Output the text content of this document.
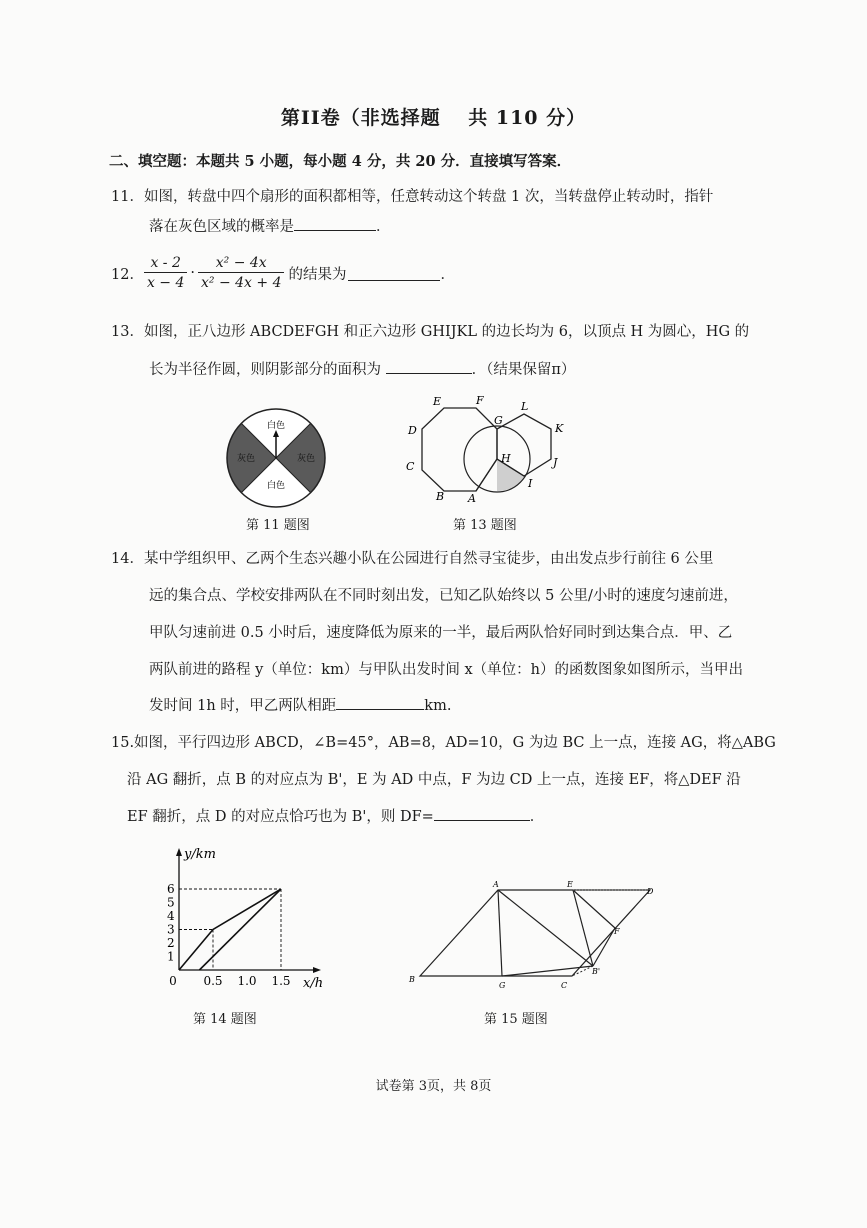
第II卷（非选择题　 共 110 分）
二、填空题：本题共 5 小题，每小题 4 分，共 20 分．直接填写答案．
11．如图，转盘中四个扇形的面积都相等，任意转动这个转盘 1 次，当转盘停止转动时，指针
落在灰色区域的概率是	．
12． $\frac{x - 2}{x - 4} \cdot \frac{\text{x² − 4x}}{\text{x² − 4x + 4}}$ 的结果为	．
13．如图，正八边形 ABCDEFGH 和正六边形 GHIJKL 的边长均为 6，以顶点 H 为圆心，HG 的
长为半径作圆，则阴影部分的面积为	．（结果保留π）
白色
白色
灰色	灰色
第 11 题图
E	F
G
L
K
D
H	J
C
I
B A
第 13 题图
14．某中学组织甲、乙两个生态兴趣小队在公园进行自然寻宝徒步，由出发点步行前往 6 公里
远的集合点、学校安排两队在不同时刻出发，已知乙队始终以 5 公里/小时的速度匀速前进，
甲队匀速前进 0.5 小时后，速度降低为原来的一半，最后两队恰好同时到达集合点．甲、乙
两队前进的路程 y（单位：km）与甲队出发时间 x（单位：h）的函数图象如图所示，当甲出
发时间 1h 时，甲乙两队相距	km.
15.如图，平行四边形 ABCD，∠B=45°，AB=8，AD=10，G 为边 BC 上一点，连接 AG，将△ABG
沿 AG 翻折，点 B 的对应点为 B'，E 为 AD 中点，F 为边 CD 上一点，连接 EF，将△DEF 沿
EF 翻折，点 D 的对应点恰巧也为 B'，则 DF=	．
1
2
3
4
5
6
0.5 1.0 1.5
0
y/km
x/h
第 14 题图
A	E
D
F
B
G	C
B'
第 15 题图
试卷第 3页，共 8页
